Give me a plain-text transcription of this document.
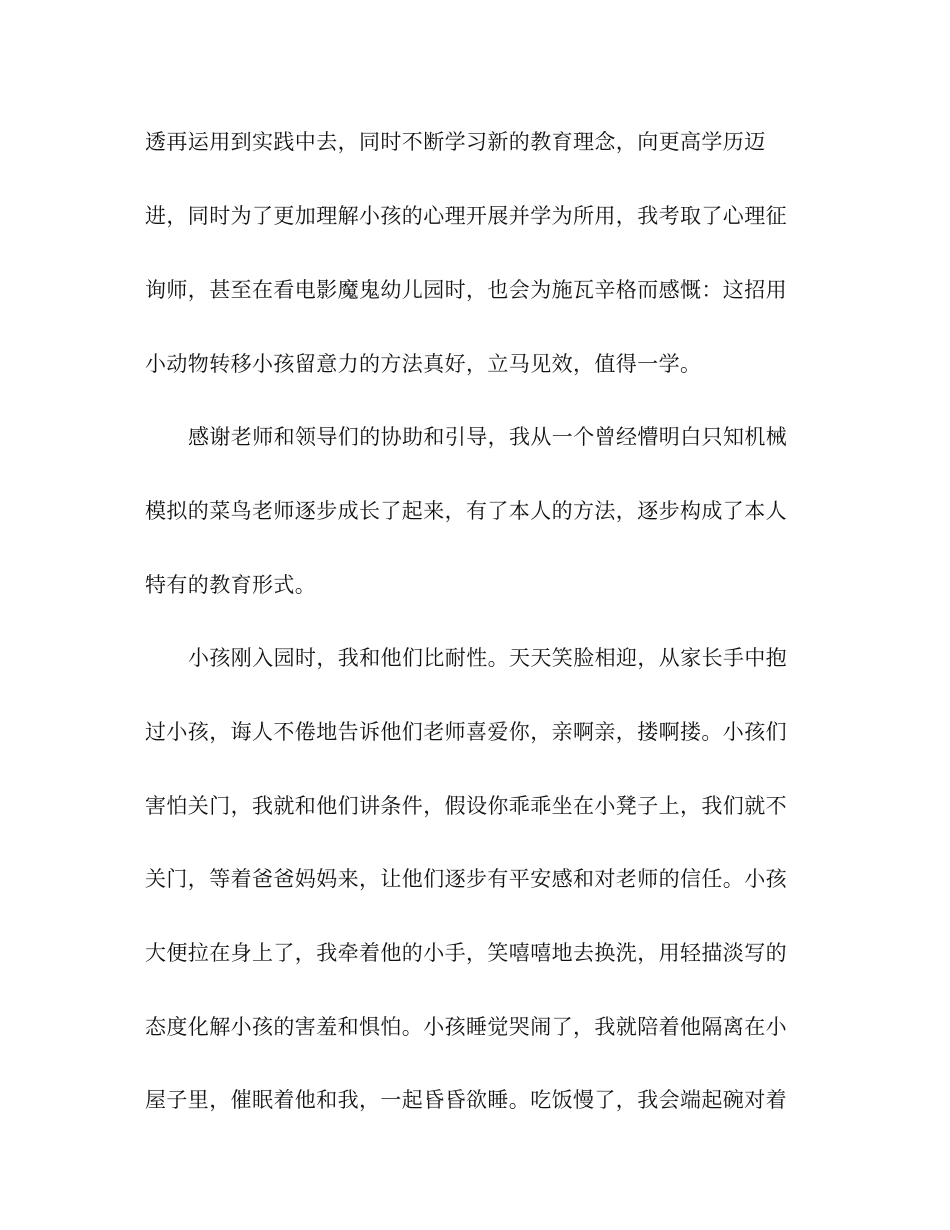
透再运用到实践中去，同时不断学习新的教育理念，向更高学历迈
进，同时为了更加理解小孩的心理开展并学为所用，我考取了心理征
询师，甚至在看电影魔鬼幼儿园时，也会为施瓦辛格而感慨：这招用
小动物转移小孩留意力的方法真好，立马见效，值得一学。
感谢老师和领导们的协助和引导，我从一个曾经懵明白只知机械
模拟的菜鸟老师逐步成长了起来，有了本人的方法，逐步构成了本人
特有的教育形式。
小孩刚入园时，我和他们比耐性。天天笑脸相迎，从家长手中抱
过小孩，诲人不倦地告诉他们老师喜爱你，亲啊亲，搂啊搂。小孩们
害怕关门，我就和他们讲条件，假设你乖乖坐在小凳子上，我们就不
关门，等着爸爸妈妈来，让他们逐步有平安感和对老师的信任。小孩
大便拉在身上了，我牵着他的小手，笑嘻嘻地去换洗，用轻描淡写的
态度化解小孩的害羞和惧怕。小孩睡觉哭闹了，我就陪着他隔离在小
屋子里，催眠着他和我，一起昏昏欲睡。吃饭慢了，我会端起碗对着
